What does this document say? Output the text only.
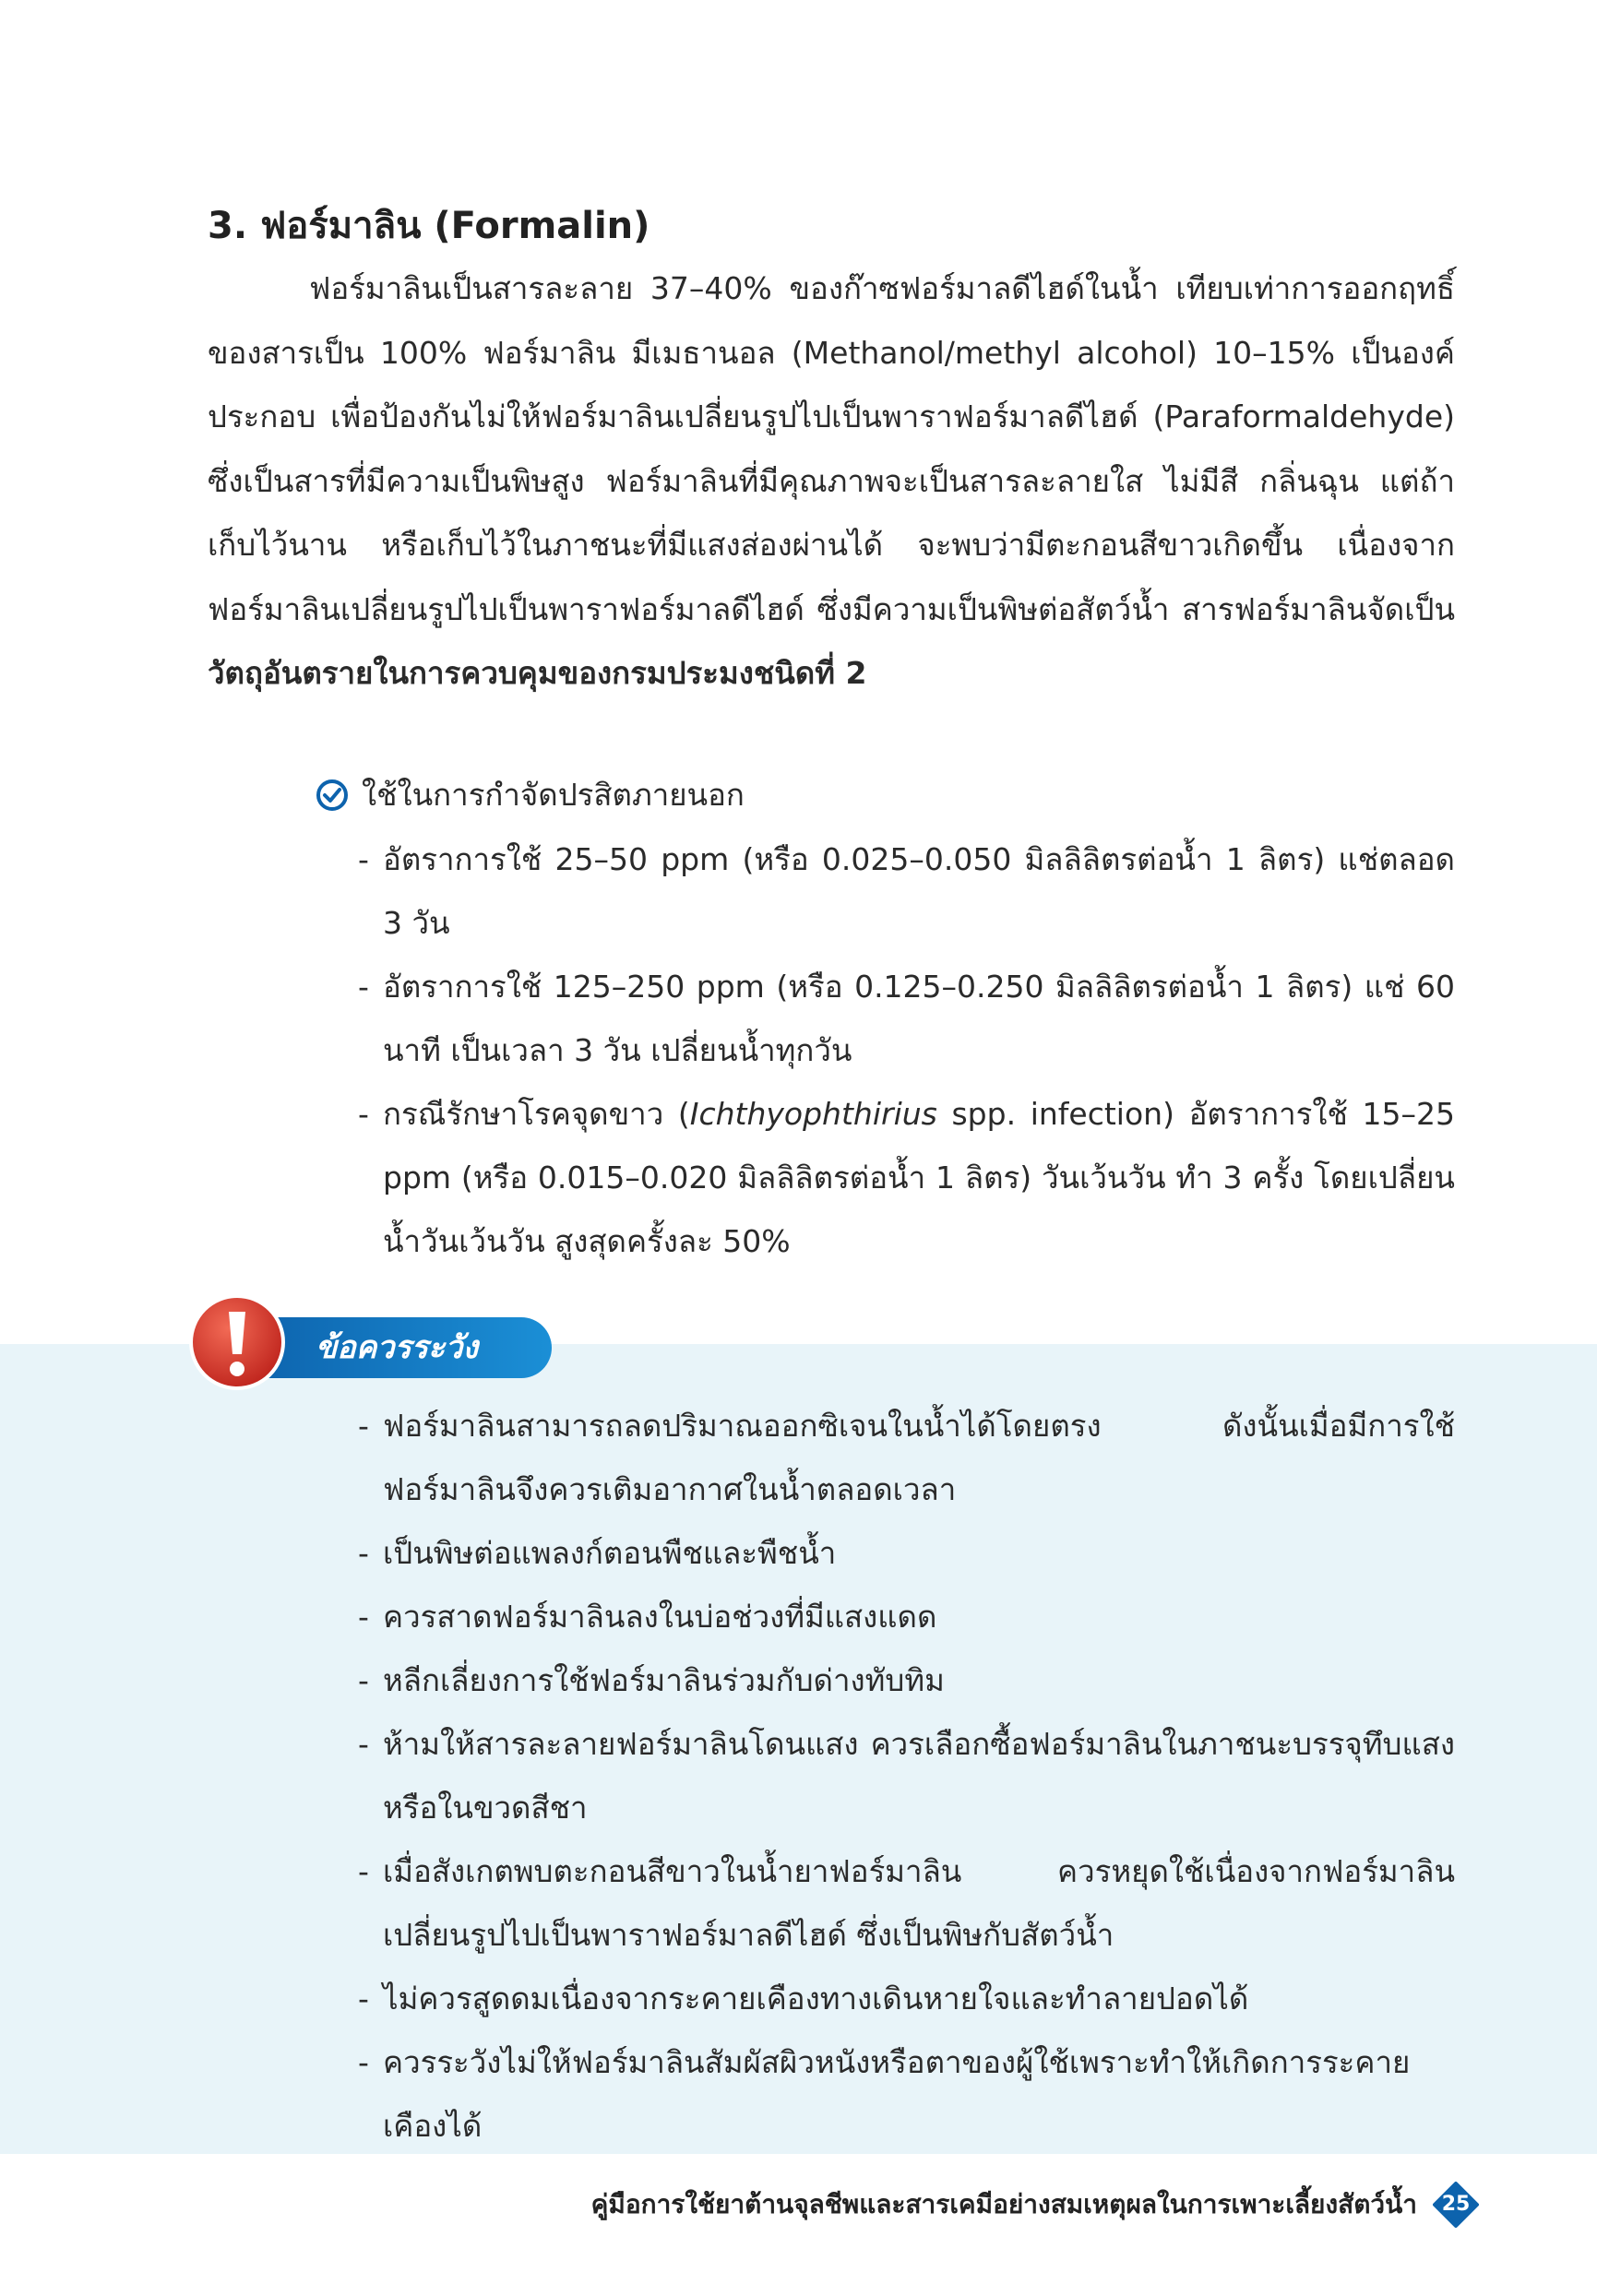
3. ฟอร์มาลิน (Formalin)

ฟอร์มาลินเป็นสารละลาย 37–40% ของก๊าซฟอร์มาลดีไฮด์ในน้ำ เทียบเท่าการออกฤทธิ์ของสารเป็น 100% ฟอร์มาลิน มีเมธานอล (Methanol/methyl alcohol) 10–15% เป็นองค์ประกอบ เพื่อป้องกันไม่ให้ฟอร์มาลินเปลี่ยนรูปไปเป็นพาราฟอร์มาลดีไฮด์ (Paraformaldehyde) ซึ่งเป็นสารที่มีความเป็นพิษสูง ฟอร์มาลินที่มีคุณภาพจะเป็นสารละลายใส ไม่มีสี กลิ่นฉุน แต่ถ้าเก็บไว้นาน หรือเก็บไว้ในภาชนะที่มีแสงส่องผ่านได้ จะพบว่ามีตะกอนสีขาวเกิดขึ้น เนื่องจากฟอร์มาลินเปลี่ยนรูปไปเป็นพาราฟอร์มาลดีไฮด์ ซึ่งมีความเป็นพิษต่อสัตว์น้ำ สารฟอร์มาลินจัดเป็นวัตถุอันตรายในการควบคุมของกรมประมงชนิดที่ 2

ใช้ในการกำจัดปรสิตภายนอก
- อัตราการใช้ 25–50 ppm (หรือ 0.025–0.050 มิลลิลิตรต่อน้ำ 1 ลิตร) แช่ตลอด 3 วัน
- อัตราการใช้ 125–250 ppm (หรือ 0.125–0.250 มิลลิลิตรต่อน้ำ 1 ลิตร) แช่ 60 นาที เป็นเวลา 3 วัน เปลี่ยนน้ำทุกวัน
- กรณีรักษาโรคจุดขาว (Ichthyophthirius spp. infection) อัตราการใช้ 15–25 ppm (หรือ 0.015–0.020 มิลลิลิตรต่อน้ำ 1 ลิตร) วันเว้นวัน ทำ 3 ครั้ง โดยเปลี่ยนน้ำวันเว้นวัน สูงสุดครั้งละ 50%
ข้อควรระวัง
- ฟอร์มาลินสามารถลดปริมาณออกซิเจนในน้ำได้โดยตรง ดังนั้นเมื่อมีการใช้ฟอร์มาลินจึงควรเติมอากาศในน้ำตลอดเวลา
- เป็นพิษต่อแพลงก์ตอนพืชและพืชน้ำ
- ควรสาดฟอร์มาลินลงในบ่อช่วงที่มีแสงแดด
- หลีกเลี่ยงการใช้ฟอร์มาลินร่วมกับด่างทับทิม
- ห้ามให้สารละลายฟอร์มาลินโดนแสง ควรเลือกซื้อฟอร์มาลินในภาชนะบรรจุทึบแสง หรือในขวดสีชา
- เมื่อสังเกตพบตะกอนสีขาวในน้ำยาฟอร์มาลิน ควรหยุดใช้เนื่องจากฟอร์มาลินเปลี่ยนรูปไปเป็นพาราฟอร์มาลดีไฮด์ ซึ่งเป็นพิษกับสัตว์น้ำ
- ไม่ควรสูดดมเนื่องจากระคายเคืองทางเดินหายใจและทำลายปอดได้
- ควรระวังไม่ให้ฟอร์มาลินสัมผัสผิวหนังหรือตาของผู้ใช้เพราะทำให้เกิดการระคายเคืองได้
คู่มือการใช้ยาต้านจุลชีพและสารเคมีอย่างสมเหตุผลในการเพาะเลี้ยงสัตว์น้ำ	25
